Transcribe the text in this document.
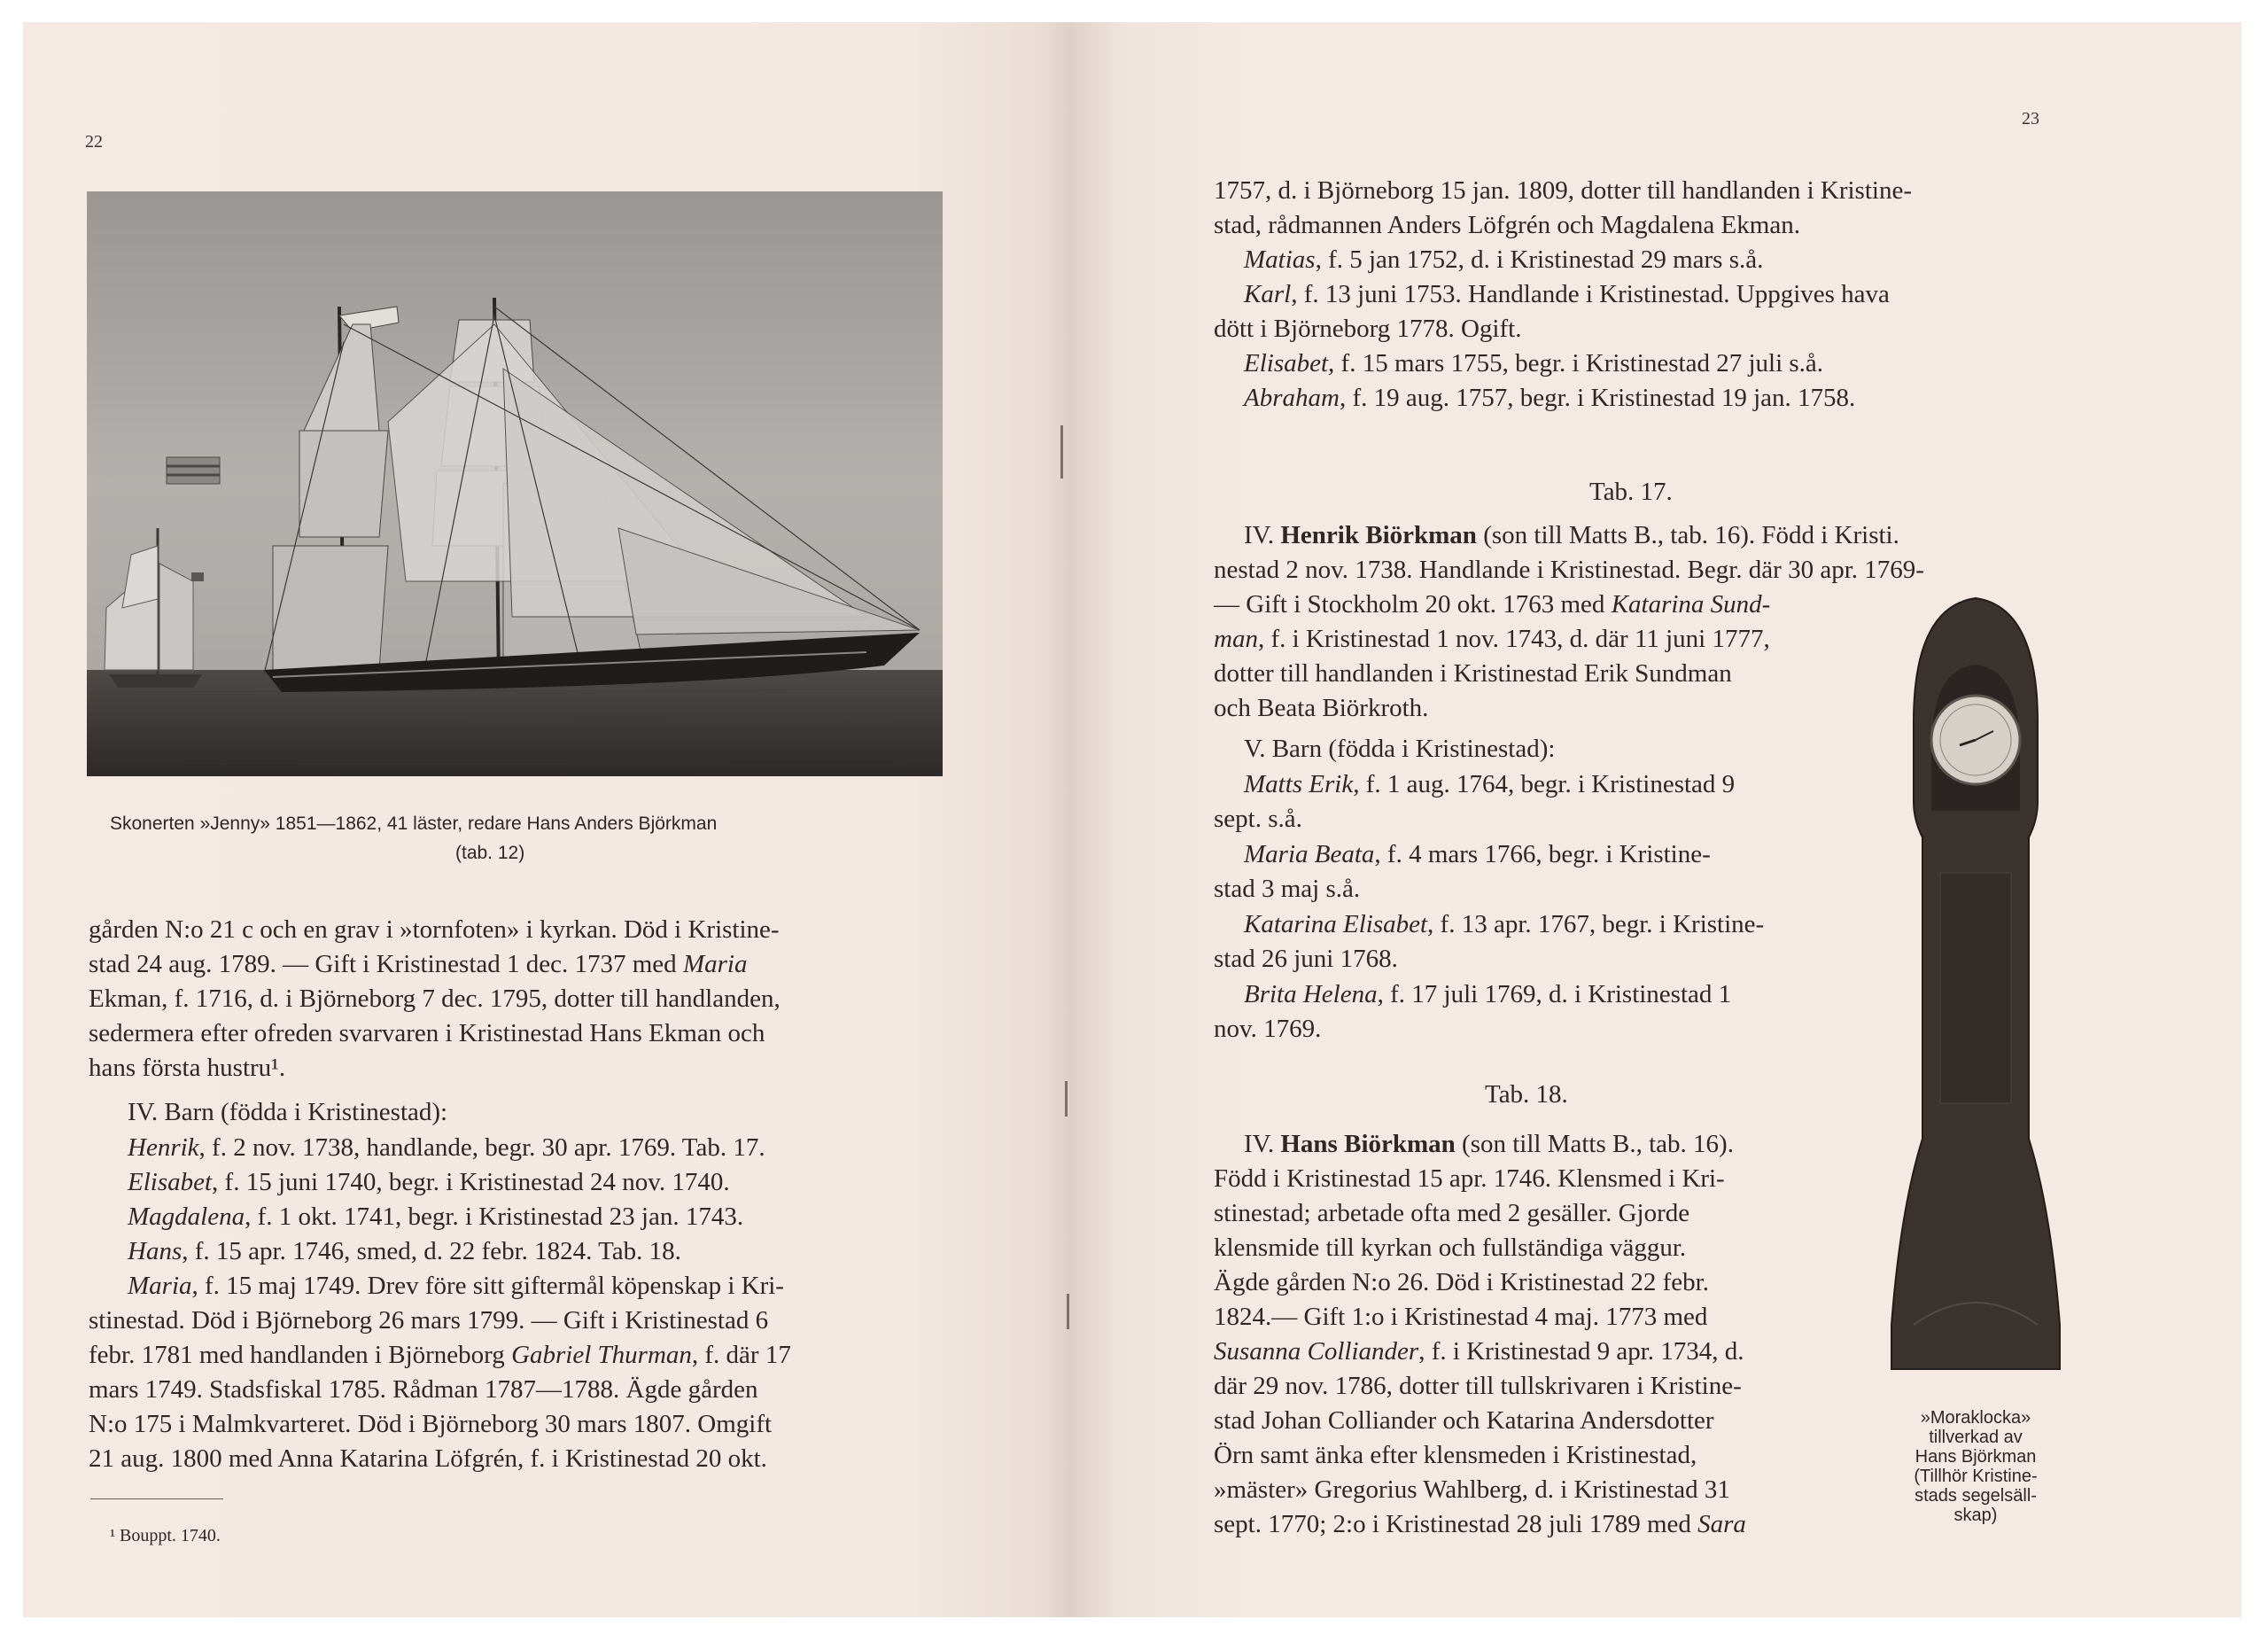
22
Skonerten »Jenny» 1851—1862, 41 läster, redare Hans Anders Björkman
(tab. 12)
gården N:o 21 c och en grav i »tornfoten» i kyrkan. Död i Kristine-
stad 24 aug. 1789. — Gift i Kristinestad 1 dec. 1737 med Maria
Ekman, f. 1716, d. i Björneborg 7 dec. 1795, dotter till handlanden,
sedermera efter ofreden svarvaren i Kristinestad Hans Ekman och
hans första hustru¹.
IV. Barn (födda i Kristinestad):
Henrik, f. 2 nov. 1738, handlande, begr. 30 apr. 1769. Tab. 17.
Elisabet, f. 15 juni 1740, begr. i Kristinestad 24 nov. 1740.
Magdalena, f. 1 okt. 1741, begr. i Kristinestad 23 jan. 1743.
Hans, f. 15 apr. 1746, smed, d. 22 febr. 1824. Tab. 18.
Maria, f. 15 maj 1749. Drev före sitt giftermål köpenskap i Kri-
stinestad. Död i Björneborg 26 mars 1799. — Gift i Kristinestad 6
febr. 1781 med handlanden i Björneborg Gabriel Thurman, f. där 17
mars 1749. Stadsfiskal 1785. Rådman 1787—1788. Ägde gården
N:o 175 i Malmkvarteret. Död i Björneborg 30 mars 1807. Omgift
21 aug. 1800 med Anna Katarina Löfgrén, f. i Kristinestad 20 okt.
¹ Bouppt. 1740.
23
1757, d. i Björneborg 15 jan. 1809, dotter till handlanden i Kristine-
stad, rådmannen Anders Löfgrén och Magdalena Ekman.
Matias, f. 5 jan 1752, d. i Kristinestad 29 mars s.å.
Karl, f. 13 juni 1753. Handlande i Kristinestad. Uppgives hava
dött i Björneborg 1778. Ogift.
Elisabet, f. 15 mars 1755, begr. i Kristinestad 27 juli s.å.
Abraham, f. 19 aug. 1757, begr. i Kristinestad 19 jan. 1758.
Tab. 17.
IV. Henrik Biörkman (son till Matts B., tab. 16). Född i Kristi.
nestad 2 nov. 1738. Handlande i Kristinestad. Begr. där 30 apr. 1769-
— Gift i Stockholm 20 okt. 1763 med Katarina Sund-
man, f. i Kristinestad 1 nov. 1743, d. där 11 juni 1777,
dotter till handlanden i Kristinestad Erik Sundman
och Beata Biörkroth.
V. Barn (födda i Kristinestad):
Matts Erik, f. 1 aug. 1764, begr. i Kristinestad 9
sept. s.å.
Maria Beata, f. 4 mars 1766, begr. i Kristine-
stad 3 maj s.å.
Katarina Elisabet, f. 13 apr. 1767, begr. i Kristine-
stad 26 juni 1768.
Brita Helena, f. 17 juli 1769, d. i Kristinestad 1
nov. 1769.
Tab. 18.
IV. Hans Biörkman (son till Matts B., tab. 16).
Född i Kristinestad 15 apr. 1746. Klensmed i Kri-
stinestad; arbetade ofta med 2 gesäller. Gjorde
klensmide till kyrkan och fullständiga väggur.
Ägde gården N:o 26. Död i Kristinestad 22 febr.
1824.— Gift 1:o i Kristinestad 4 maj. 1773 med
Susanna Colliander, f. i Kristinestad 9 apr. 1734, d.
där 29 nov. 1786, dotter till tullskrivaren i Kristine-
stad Johan Colliander och Katarina Andersdotter
Örn samt änka efter klensmeden i Kristinestad,
»mäster» Gregorius Wahlberg, d. i Kristinestad 31
sept. 1770; 2:o i Kristinestad 28 juli 1789 med Sara
»Moraklocka»
tillverkad av
Hans Björkman
(Tillhör Kristine-
stads segelsäll-
skap)
